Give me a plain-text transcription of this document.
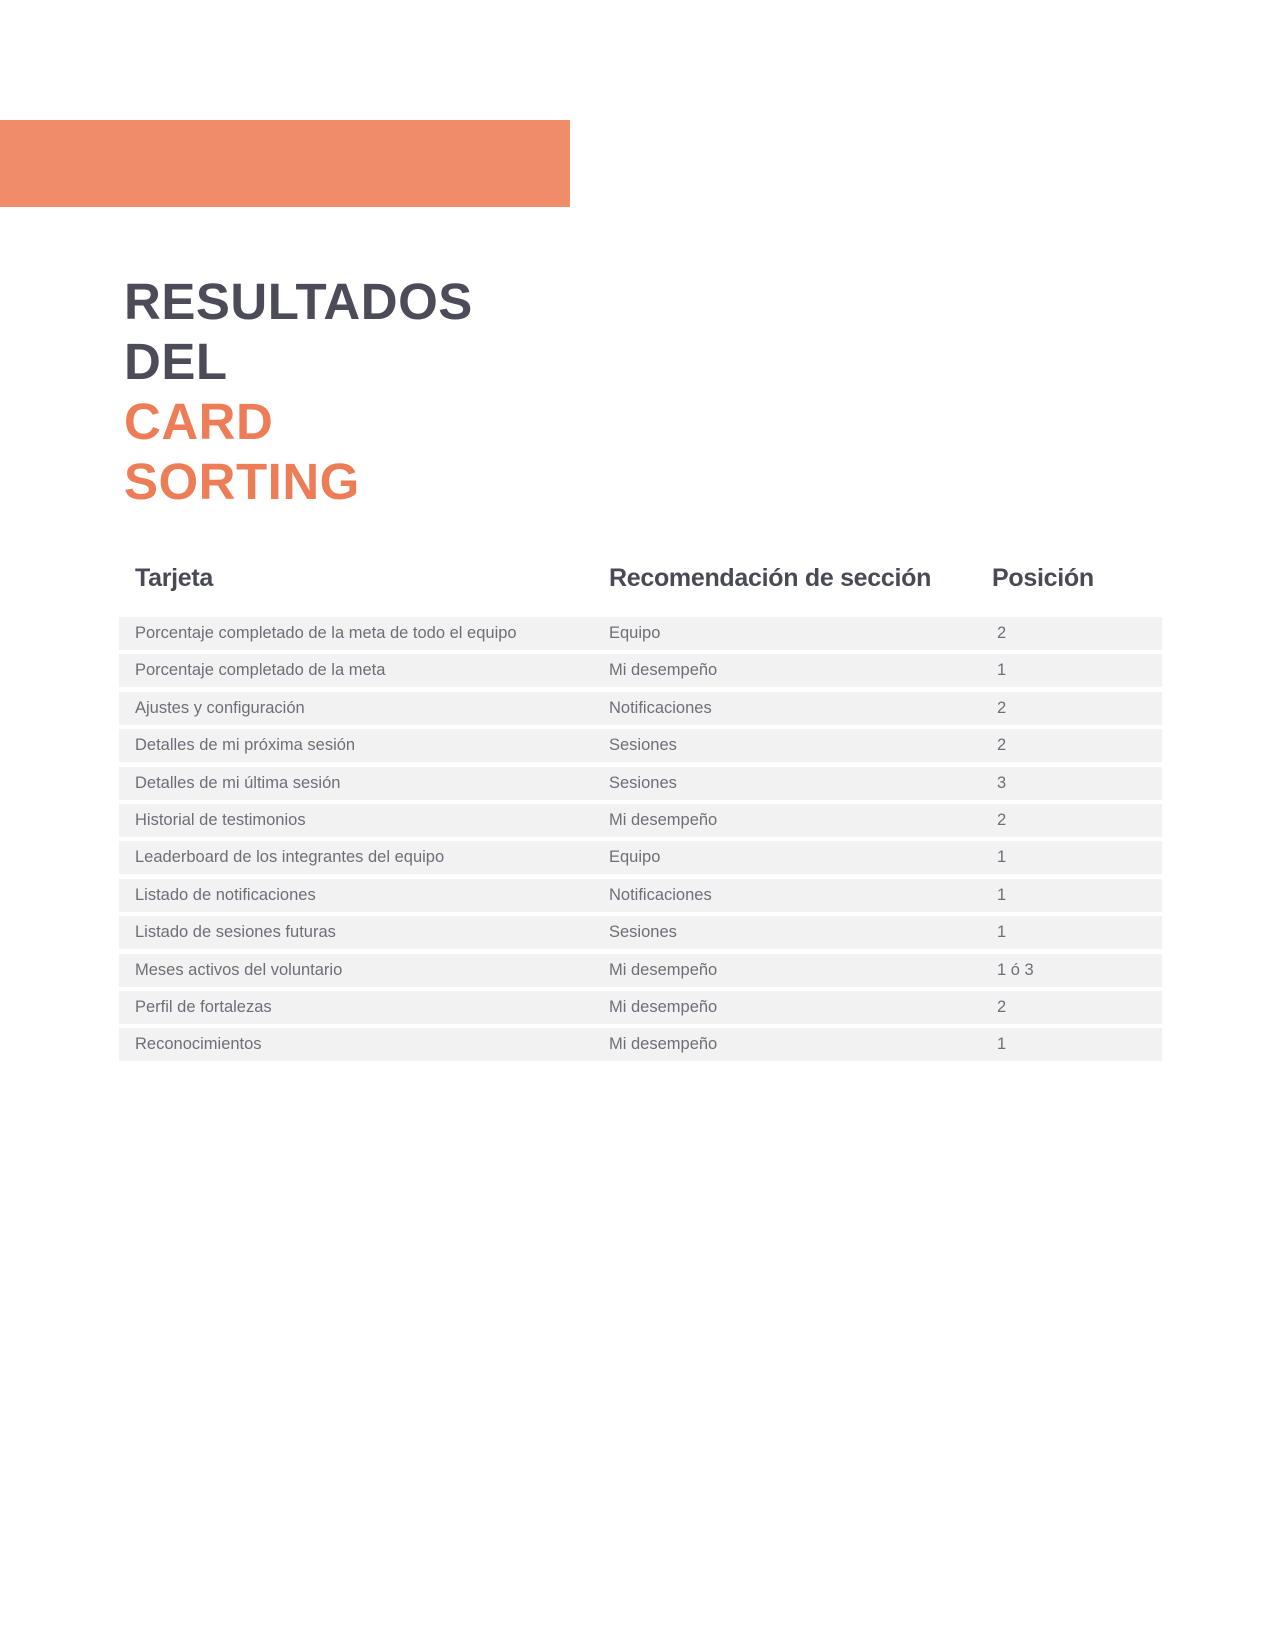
RESULTADOS
DEL
CARD
SORTING
Tarjeta	Recomendación de sección	Posición
Porcentaje completado de la meta de todo el equipo	Equipo	2
Porcentaje completado de la meta	Mi desempeño	1
Ajustes y configuración	Notificaciones	2
Detalles de mi próxima sesión	Sesiones	2
Detalles de mi última sesión	Sesiones	3
Historial de testimonios	Mi desempeño	2
Leaderboard de los integrantes del equipo	Equipo	1
Listado de notificaciones	Notificaciones	1
Listado de sesiones futuras	Sesiones	1
Meses activos del voluntario	Mi desempeño	1 ó 3
Perfil de fortalezas	Mi desempeño	2
Reconocimientos	Mi desempeño	1
